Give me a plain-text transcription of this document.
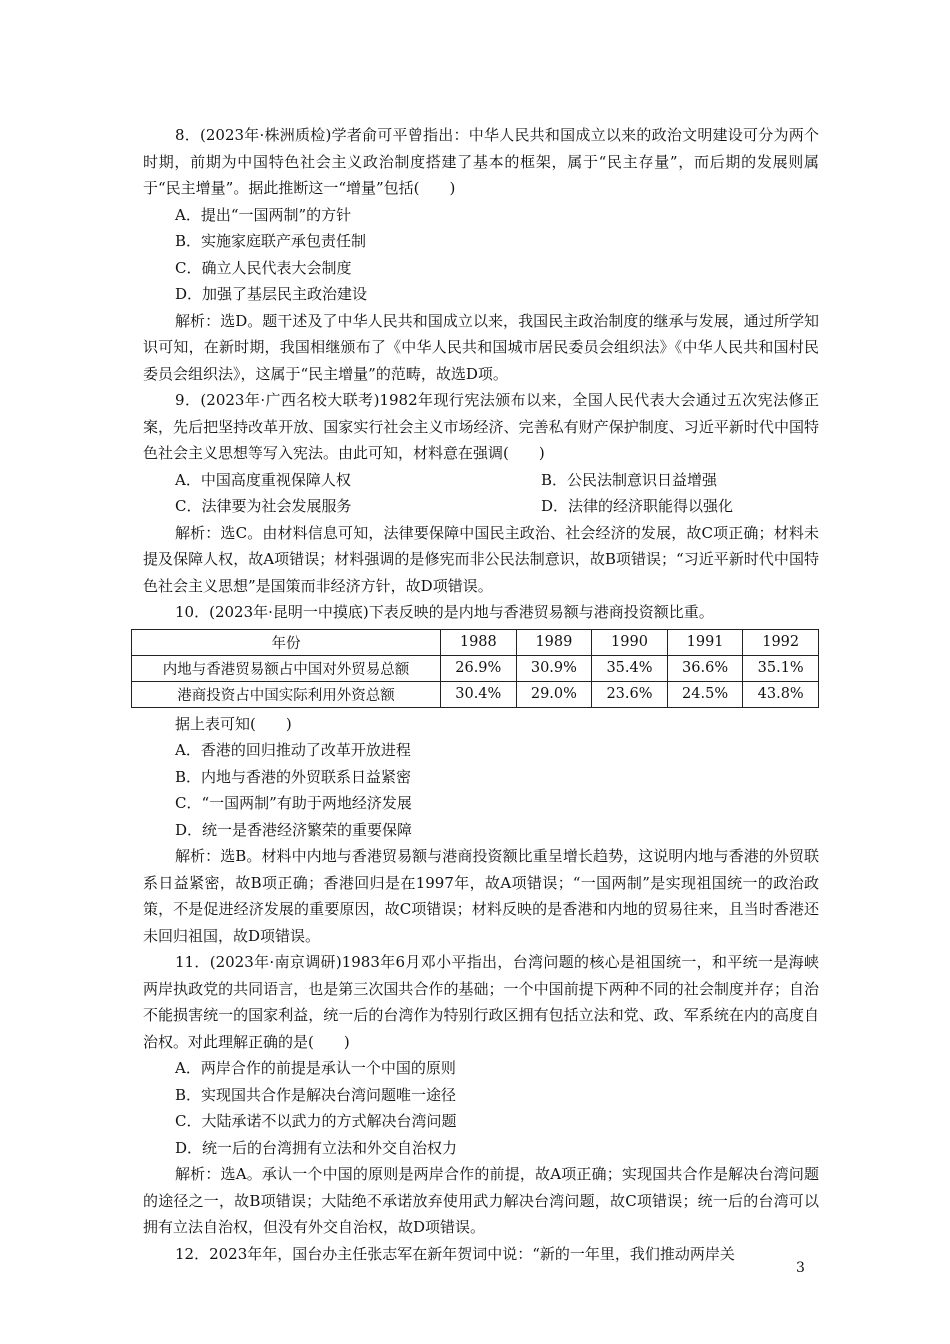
8．(2023年·株洲质检)学者俞可平曾指出：中华人民共和国成立以来的政治文明建设可分为两个时期，前期为中国特色社会主义政治制度搭建了基本的框架，属于“民主存量”，而后期的发展则属于“民主增量”。据此推断这一“增量”包括(　　)

A．提出“一国两制”的方针

B．实施家庭联产承包责任制

C．确立人民代表大会制度

D．加强了基层民主政治建设

解析：选D。题干述及了中华人民共和国成立以来，我国民主政治制度的继承与发展，通过所学知识可知，在新时期，我国相继颁布了《中华人民共和国城市居民委员会组织法》《中华人民共和国村民委员会组织法》，这属于“民主增量”的范畴，故选D项。

9．(2023年·广西名校大联考)1982年现行宪法颁布以来，全国人民代表大会通过五次宪法修正案，先后把坚持改革开放、国家实行社会主义市场经济、完善私有财产保护制度、习近平新时代中国特色社会主义思想等写入宪法。由此可知，材料意在强调(　　)

A．中国高度重视保障人权	B．公民法制意识日益增强
C．法律要为社会发展服务	D．法律的经济职能得以强化

解析：选C。由材料信息可知，法律要保障中国民主政治、社会经济的发展，故C项正确；材料未提及保障人权，故A项错误；材料强调的是修宪而非公民法制意识，故B项错误；“习近平新时代中国特色社会主义思想”是国策而非经济方针，故D项错误。

10．(2023年·昆明一中摸底)下表反映的是内地与香港贸易额与港商投资额比重。

年份	1988	1989	1990	1991	1992
内地与香港贸易额占中国对外贸易总额	26.9%	30.9%	35.4%	36.6%	35.1%
港商投资占中国实际利用外资总额	30.4%	29.0%	23.6%	24.5%	43.8%

据上表可知(　　)

A．香港的回归推动了改革开放进程

B．内地与香港的外贸联系日益紧密

C．“一国两制”有助于两地经济发展

D．统一是香港经济繁荣的重要保障

解析：选B。材料中内地与香港贸易额与港商投资额比重呈增长趋势，这说明内地与香港的外贸联系日益紧密，故B项正确；香港回归是在1997年，故A项错误；“一国两制”是实现祖国统一的政治政策，不是促进经济发展的重要原因，故C项错误；材料反映的是香港和内地的贸易往来，且当时香港还未回归祖国，故D项错误。

11．(2023年·南京调研)1983年6月邓小平指出，台湾问题的核心是祖国统一，和平统一是海峡两岸执政党的共同语言，也是第三次国共合作的基础；一个中国前提下两种不同的社会制度并存；自治不能损害统一的国家利益，统一后的台湾作为特别行政区拥有包括立法和党、政、军系统在内的高度自治权。对此理解正确的是(　　)

A．两岸合作的前提是承认一个中国的原则

B．实现国共合作是解决台湾问题唯一途径

C．大陆承诺不以武力的方式解决台湾问题

D．统一后的台湾拥有立法和外交自治权力

解析：选A。承认一个中国的原则是两岸合作的前提，故A项正确；实现国共合作是解决台湾问题的途径之一，故B项错误；大陆绝不承诺放弃使用武力解决台湾问题，故C项错误；统一后的台湾可以拥有立法自治权，但没有外交自治权，故D项错误。

12．2023年年，国台办主任张志军在新年贺词中说：“新的一年里，我们推动两岸关

3
